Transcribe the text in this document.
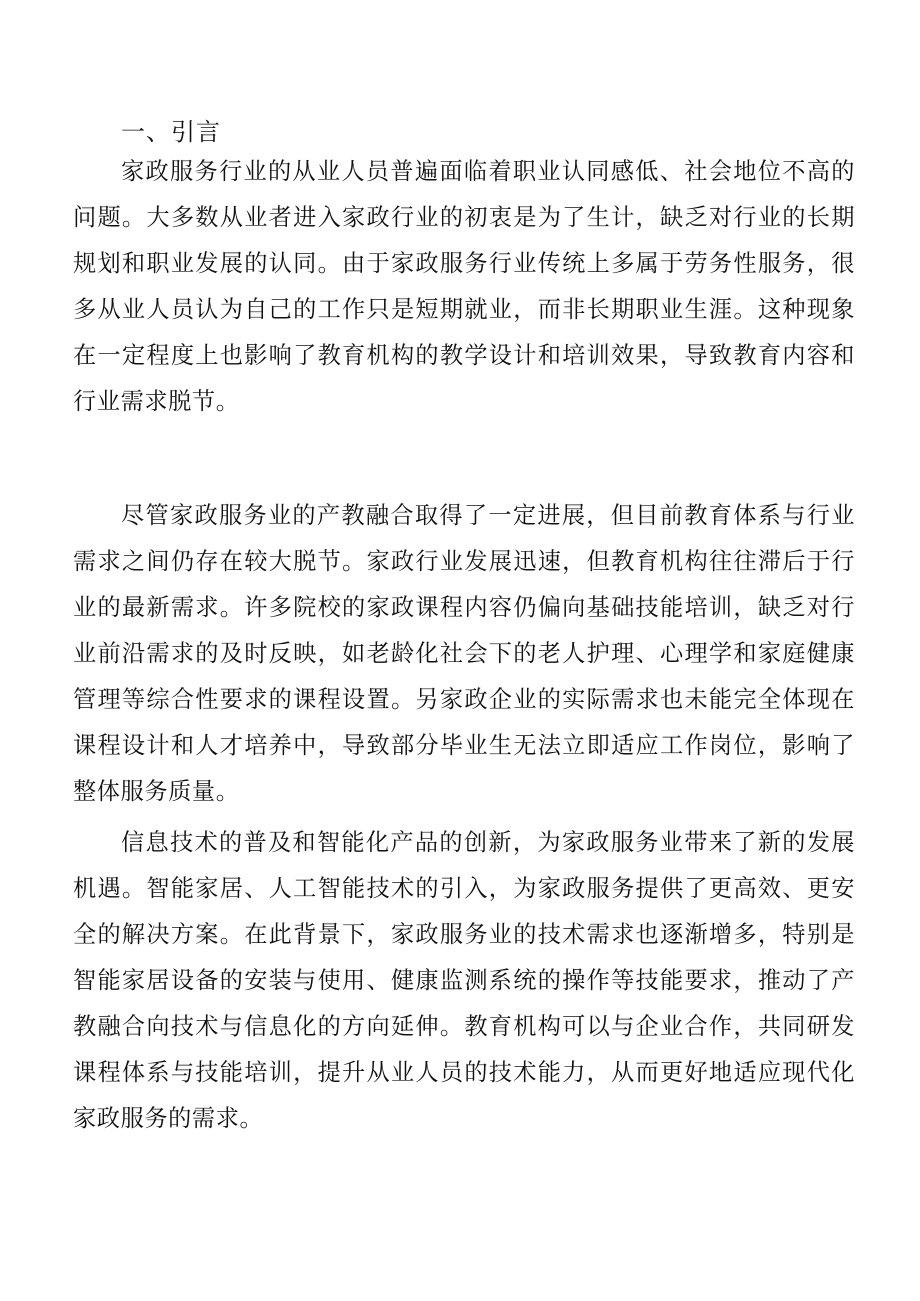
一、引言

家政服务行业的从业人员普遍面临着职业认同感低、社会地位不高的问题。大多数从业者进入家政行业的初衷是为了生计，缺乏对行业的长期规划和职业发展的认同。由于家政服务行业传统上多属于劳务性服务，很多从业人员认为自己的工作只是短期就业，而非长期职业生涯。这种现象在一定程度上也影响了教育机构的教学设计和培训效果，导致教育内容和行业需求脱节。

尽管家政服务业的产教融合取得了一定进展，但目前教育体系与行业需求之间仍存在较大脱节。家政行业发展迅速，但教育机构往往滞后于行业的最新需求。许多院校的家政课程内容仍偏向基础技能培训，缺乏对行业前沿需求的及时反映，如老龄化社会下的老人护理、心理学和家庭健康管理等综合性要求的课程设置。另家政企业的实际需求也未能完全体现在课程设计和人才培养中，导致部分毕业生无法立即适应工作岗位，影响了整体服务质量。

信息技术的普及和智能化产品的创新，为家政服务业带来了新的发展机遇。智能家居、人工智能技术的引入，为家政服务提供了更高效、更安全的解决方案。在此背景下，家政服务业的技术需求也逐渐增多，特别是智能家居设备的安装与使用、健康监测系统的操作等技能要求，推动了产教融合向技术与信息化的方向延伸。教育机构可以与企业合作，共同研发课程体系与技能培训，提升从业人员的技术能力，从而更好地适应现代化家政服务的需求。
